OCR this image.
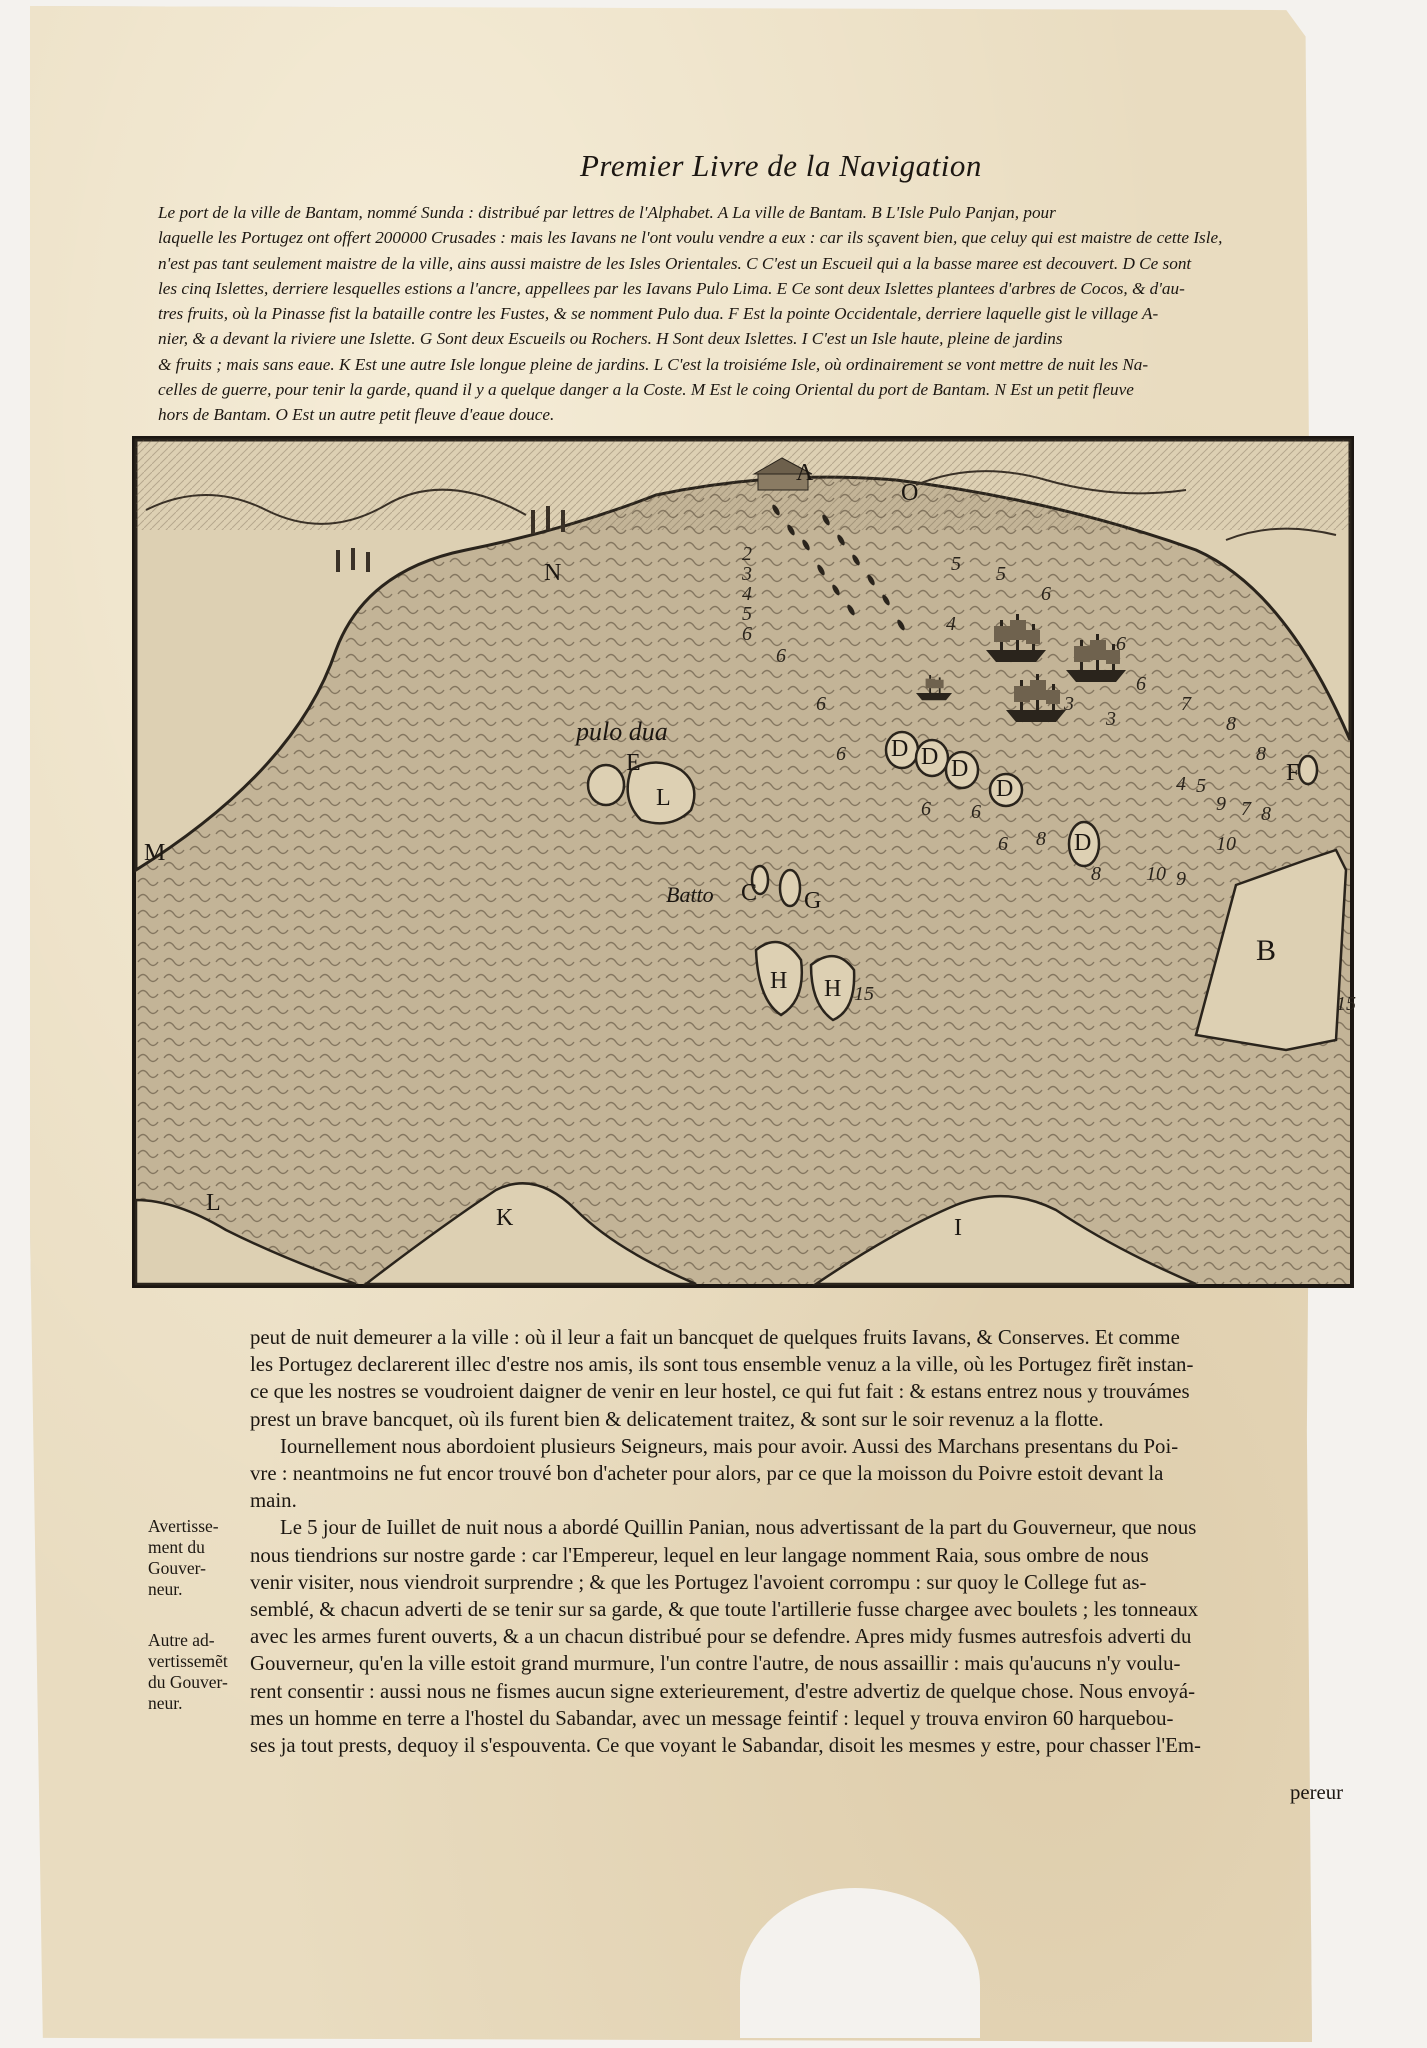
Premier Livre de la Navigation
Le port de la ville de Bantam, nommé Sunda : distribué par lettres de l'Alphabet. A La ville de Bantam. B L'Isle Pulo Panjan, pour
laquelle les Portugez ont offert 200000 Crusades : mais les Iavans ne l'ont voulu vendre a eux : car ils sçavent bien, que celuy qui est maistre de cette Isle,
n'est pas tant seulement maistre de la ville, ains aussi maistre de les Isles Orientales. C C'est un Escueil qui a la basse maree est decouvert. D Ce sont
les cinq Islettes, derriere lesquelles estions a l'ancre, appellees par les Iavans Pulo Lima. E Ce sont deux Islettes plantees d'arbres de Cocos, & d'au-
tres fruits, où la Pinasse fist la bataille contre les Fustes, & se nomment Pulo dua. F Est la pointe Occidentale, derriere laquelle gist le village A-
nier, & a devant la riviere une Islette. G Sont deux Escueils ou Rochers. H Sont deux Islettes. I C'est un Isle haute, pleine de jardins
& fruits ; mais sans eaue. K Est une autre Isle longue pleine de jardins. L C'est la troisiéme Isle, où ordinairement se vont mettre de nuit les Na-
celles de guerre, pour tenir la garde, quand il y a quelque danger a la Coste. M Est le coing Oriental du port de Bantam. N Est un petit fleuve
hors de Bantam. O Est un autre petit fleuve d'eaue douce.
A
O
N
M
E
L
D D D
D
D
F
C G
H H
B
I
K
L
pulo dua
Batto
2
3
4
5
6
6
6
6
5 5
6
4
6
6
3
3
6
7
8
8
4 5
9 7 8
10
10 9
15	15
6
6 8
8
peut de nuit demeurer a la ville : où il leur a fait un bancquet de quelques fruits Iavans, & Conserves. Et comme
les Portugez declarerent illec d'estre nos amis, ils sont tous ensemble venuz a la ville, où les Portugez firẽt instan-
ce que les nostres se voudroient daigner de venir en leur hostel, ce qui fut fait : & estans entrez nous y trouvámes
prest un brave bancquet, où ils furent bien & delicatement traitez, & sont sur le soir revenuz a la flotte.
Iournellement nous abordoient plusieurs Seigneurs, mais pour avoir. Aussi des Marchans presentans du Poi-
vre : neantmoins ne fut encor trouvé bon d'acheter pour alors, par ce que la moisson du Poivre estoit devant la
main.
Le 5 jour de Iuillet de nuit nous a abordé Quillin Panian, nous advertissant de la part du Gouverneur, que nous
nous tiendrions sur nostre garde : car l'Empereur, lequel en leur langage nomment Raia, sous ombre de nous
venir visiter, nous viendroit surprendre ; & que les Portugez l'avoient corrompu : sur quoy le College fut as-
semblé, & chacun adverti de se tenir sur sa garde, & que toute l'artillerie fusse chargee avec boulets ; les tonneaux
avec les armes furent ouverts, & a un chacun distribué pour se defendre. Apres midy fusmes autresfois adverti du
Gouverneur, qu'en la ville estoit grand murmure, l'un contre l'autre, de nous assaillir : mais qu'aucuns n'y voulu-
rent consentir : aussi nous ne fismes aucun signe exterieurement, d'estre advertiz de quelque chose. Nous envoyá-
mes un homme en terre a l'hostel du Sabandar, avec un message feintif : lequel y trouva environ 60 harquebou-
ses ja tout prests, dequoy il s'espouventa. Ce que voyant le Sabandar, disoit les mesmes y estre, pour chasser l'Em-
Avertisse-
ment du
Gouver-
neur.
Autre ad-
vertissemẽt
du Gouver-
neur.
pereur
